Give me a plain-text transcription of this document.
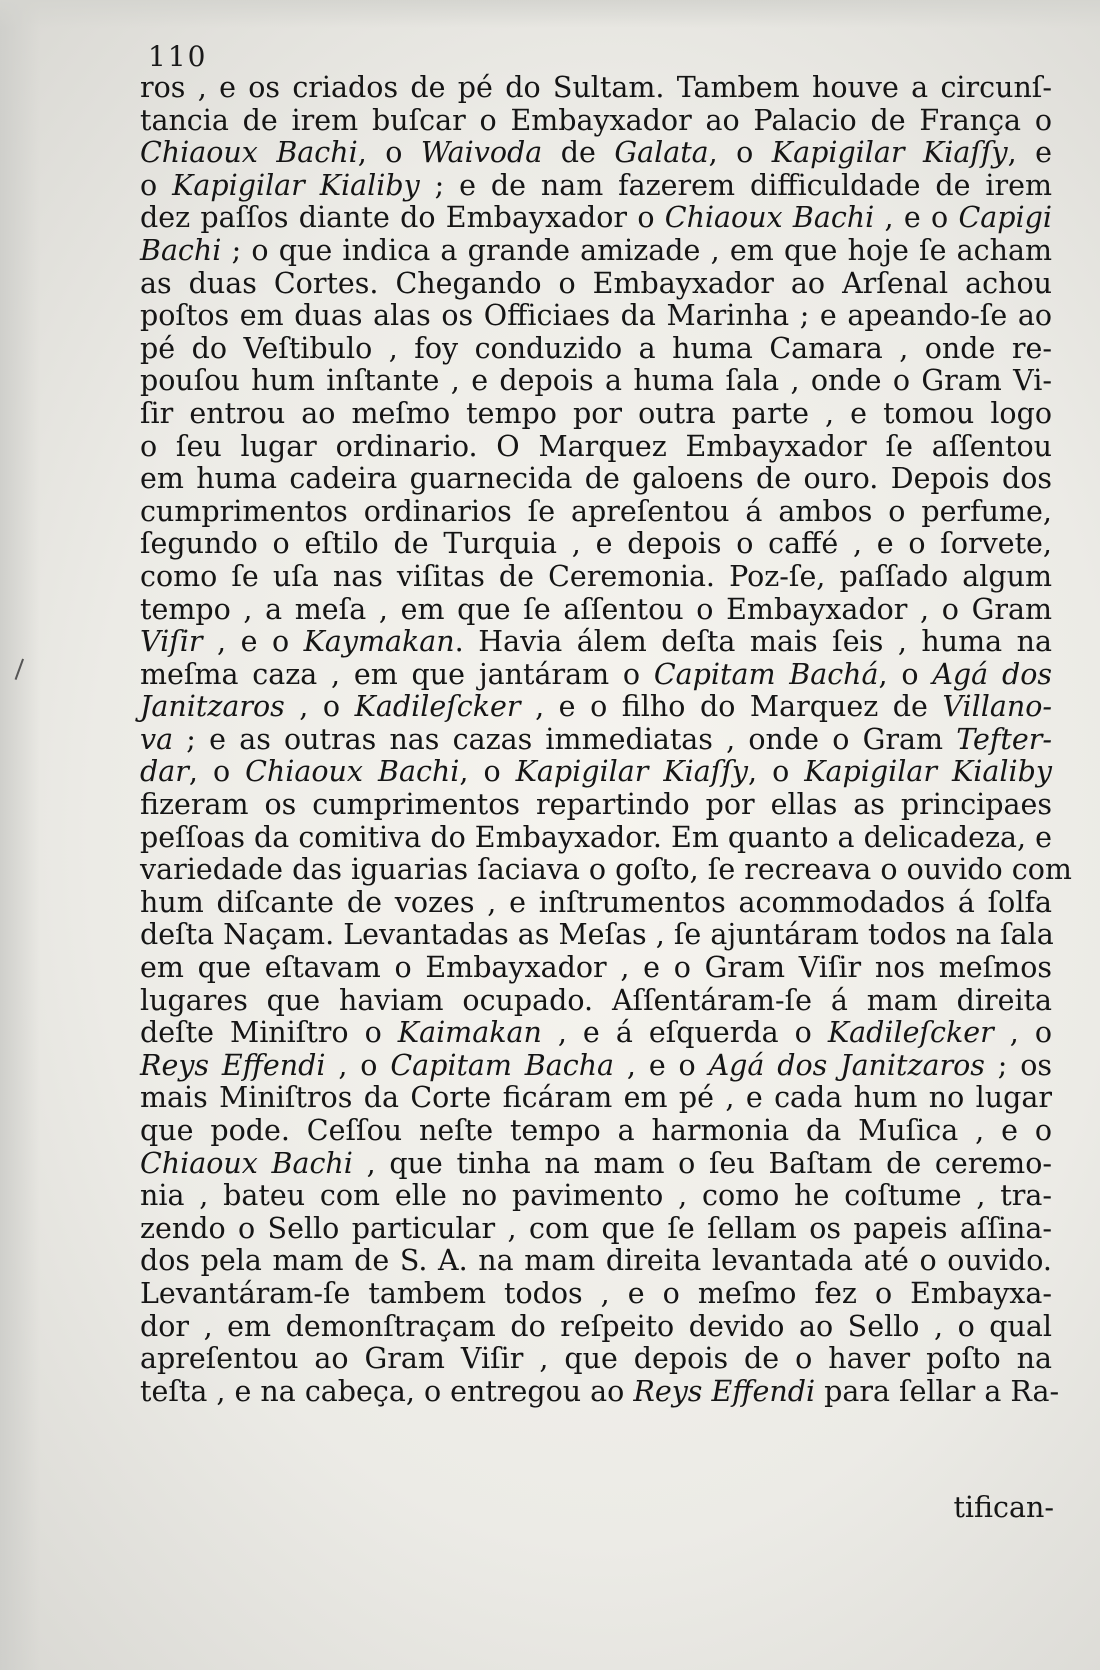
110
ros , e os criados de pé do Sultam. Tambem houve a circunſ-
tancia de irem buſcar o Embayxador ao Palacio de França o
Chiaoux Bachi, o Waivoda de Galata, o Kapigilar Kiaſſy, e
o Kapigilar Kialiby ; e de nam fazerem difficuldade de irem
dez paſſos diante do Embayxador o Chiaoux Bachi , e o Capigi
Bachi ; o que indica a grande amizade , em que hoje ſe acham
as duas Cortes. Chegando o Embayxador ao Arſenal achou
poſtos em duas alas os Officiaes da Marinha ; e apeando-ſe ao
pé do Veſtibulo , foy conduzido a huma Camara , onde re-
pouſou hum inſtante , e depois a huma ſala , onde o Gram Vi-
ſir entrou ao meſmo tempo por outra parte , e tomou logo
o ſeu lugar ordinario. O Marquez Embayxador ſe aſſentou
em huma cadeira guarnecida de galoens de ouro. Depois dos
cumprimentos ordinarios ſe apreſentou á ambos o perfume,
ſegundo o eſtilo de Turquia , e depois o caffé , e o ſorvete,
como ſe uſa nas viſitas de Ceremonia. Poz-ſe, paſſado algum
tempo , a meſa , em que ſe aſſentou o Embayxador , o Gram
Viſir , e o Kaymakan. Havia álem deſta mais ſeis , huma na
meſma caza , em que jantáram o Capitam Bachá, o Agá dos
Janitzaros , o Kadileſcker , e o filho do Marquez de Villano-
va ; e as outras nas cazas immediatas , onde o Gram Tefter-
dar, o Chiaoux Bachi, o Kapigilar Kiaſſy, o Kapigilar Kialiby
fizeram os cumprimentos repartindo por ellas as principaes
peſſoas da comitiva do Embayxador. Em quanto a delicadeza, e
variedade das iguarias ſaciava o goſto, ſe recreava o ouvido com
hum diſcante de vozes , e inſtrumentos acommodados á ſolfa
deſta Naçam. Levantadas as Meſas , ſe ajuntáram todos na ſala
em que eſtavam o Embayxador , e o Gram Viſir nos meſmos
lugares que haviam ocupado. Aſſentáram-ſe á mam direita
deſte Miniſtro o Kaimakan , e á eſquerda o Kadileſcker , o
Reys Effendi , o Capitam Bacha , e o Agá dos Janitzaros ; os
mais Miniſtros da Corte ficáram em pé , e cada hum no lugar
que pode. Ceſſou neſte tempo a harmonia da Muſica , e o
Chiaoux Bachi , que tinha na mam o ſeu Baſtam de ceremo-
nia , bateu com elle no pavimento , como he coſtume , tra-
zendo o Sello particular , com que ſe ſellam os papeis aſſina-
dos pela mam de S. A. na mam direita levantada até o ouvido.
Levantáram-ſe tambem todos , e o meſmo fez o Embayxa-
dor , em demonſtraçam do reſpeito devido ao Sello , o qual
apreſentou ao Gram Viſir , que depois de o haver poſto na
teſta , e na cabeça, o entregou ao Reys Effendi para ſellar a Ra-
tifican-
